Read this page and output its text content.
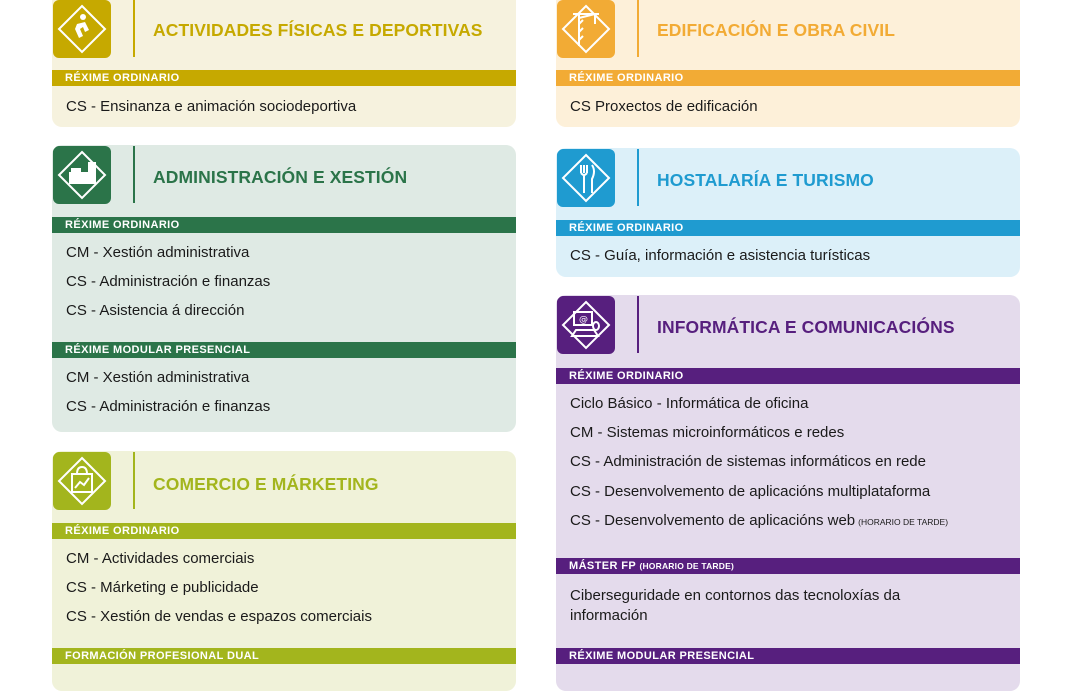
ACTIVIDADES FÍSICAS E DEPORTIVAS
RÉXIME ORDINARIO
CS - Ensinanza e animación sociodeportiva
ADMINISTRACIÓN E XESTIÓN
RÉXIME ORDINARIO
CM - Xestión administrativa
CS - Administración e finanzas
CS - Asistencia á dirección
RÉXIME MODULAR PRESENCIAL
CM - Xestión administrativa
CS - Administración e finanzas
COMERCIO E MÁRKETING
RÉXIME ORDINARIO
CM - Actividades comerciais
CS - Márketing e publicidade
CS - Xestión de vendas e espazos comerciais
FORMACIÓN PROFESIONAL DUAL
EDIFICACIÓN E OBRA CIVIL
RÉXIME ORDINARIO
CS Proxectos de edificación
HOSTALARÍA E TURISMO
RÉXIME ORDINARIO
CS - Guía, información e asistencia turísticas
@	INFORMÁTICA E COMUNICACIÓNS
RÉXIME ORDINARIO
Ciclo Básico - Informática de oficina
CM - Sistemas microinformáticos e redes
CS - Administración de sistemas informáticos en rede
CS - Desenvolvemento de aplicacións multiplataforma
CS - Desenvolvemento de aplicacións web (HORARIO DE TARDE)
MÁSTER FP (HORARIO DE TARDE)
Ciberseguridade en contornos das tecnoloxías da información
RÉXIME MODULAR PRESENCIAL
